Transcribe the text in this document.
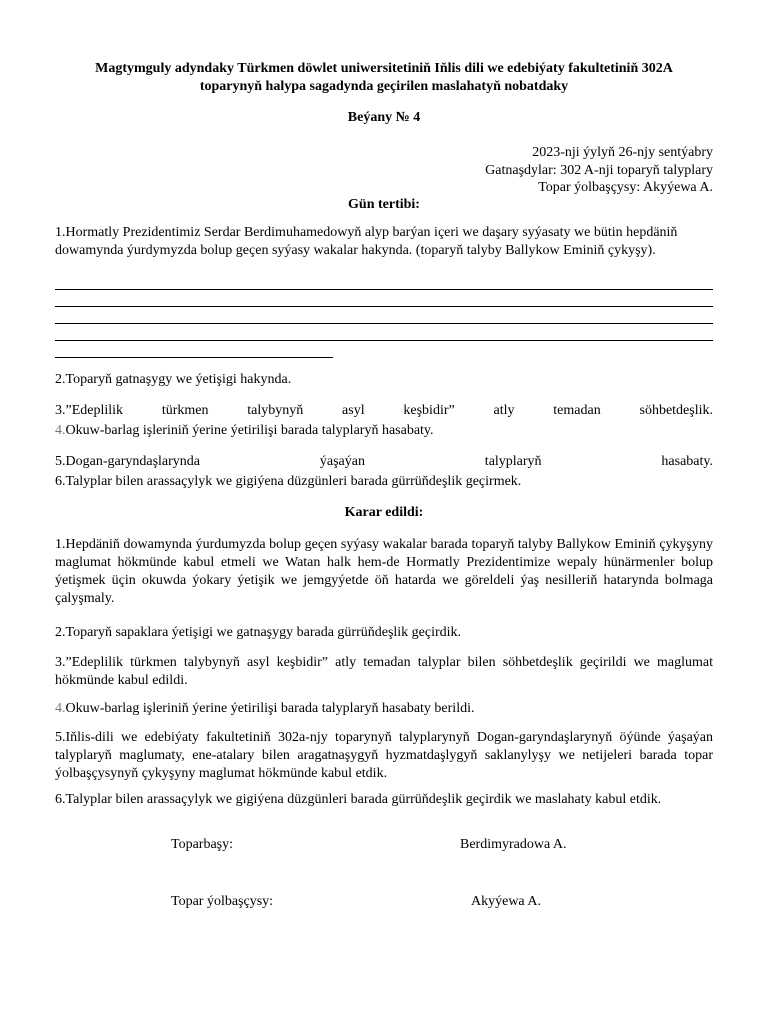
Magtymguly adyndaky Türkmen döwlet uniwersitetiniň Iňlis dili we edebiýaty fakultetiniň 302A
toparynyň halypa sagadynda geçirilen maslahatyň nobatdaky
Beýany № 4
2023-nji ýylyň 26-njy sentýabry
Gatnaşdylar: 302 A-nji toparyň talyplary
Topar ýolbaşçysy: Akyýewa A.
Gün tertibi:
1.Hormatly Prezidentimiz Serdar Berdimuhamedowyň alyp barýan içeri we daşary syýasaty we bütin hepdäniň dowamynda ýurdymyzda bolup geçen syýasy wakalar hakynda. (toparyň talyby Ballykow Eminiň çykyşy).
2.Toparyň gatnaşygy we ýetişigi hakynda.
3.”Edeplilik türkmen talybynyň asyl keşbidir” atly temadan söhbetdeşlik.
4.Okuw-barlag işleriniň ýerine ýetirilişi barada talyplaryň hasabaty.
5.Dogan-garyndaşlarynda ýaşaýan talyplaryň hasabaty.
6.Talyplar bilen arassaçylyk we gigiýena düzgünleri barada gürrüňdeşlik geçirmek.
Karar edildi:
1.Hepdäniň dowamynda ýurdumyzda bolup geçen syýasy wakalar barada toparyň talyby Ballykow Eminiň çykyşyny maglumat hökmünde kabul etmeli we Watan halk hem-de Hormatly Prezidentimize wepaly hünärmenler bolup ýetişmek üçin okuwda ýokary ýetişik we jemgyýetde öň hatarda we göreldeli ýaş nesilleriň hatarynda bolmaga çalyşmaly.
2.Toparyň sapaklara ýetişigi we gatnaşygy barada gürrüňdeşlik geçirdik.
3.”Edeplilik türkmen talybynyň asyl keşbidir” atly temadan talyplar bilen söhbetdeşlik geçirildi we maglumat hökmünde kabul edildi.
4.Okuw-barlag işleriniň ýerine ýetirilişi barada talyplaryň hasabaty berildi.
5.Iňlis-dili we edebiýaty fakultetiniň 302a-njy toparynyň talyplarynyň Dogan-garyndaşlarynyň öýünde ýaşaýan talyplaryň maglumaty, ene-atalary bilen aragatnaşygyň hyzmatdaşlygyň saklanylyşy we netijeleri barada topar ýolbaşçysynyň çykyşyny maglumat hökmünde kabul etdik.
6.Talyplar bilen arassaçylyk we gigiýena düzgünleri barada gürrüňdeşlik geçirdik we maslahaty kabul etdik.
Toparbaşy:	Berdimyradowa A.
Topar ýolbaşçysy:	Akyýewa A.
